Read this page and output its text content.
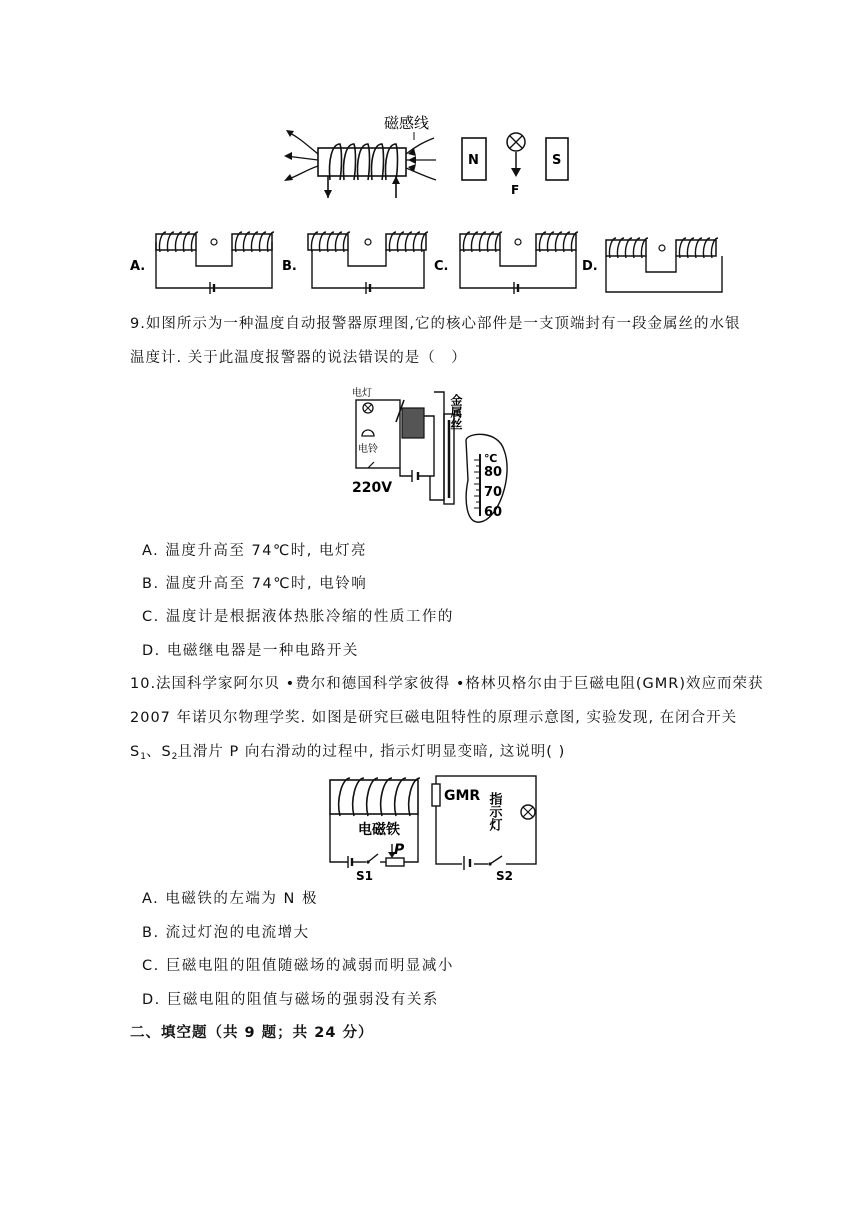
磁感线
N	S
F
A.	B.	C.	D.
9.如图所示为一种温度自动报警器原理图,它的核心部件是一支顶端封有一段金属丝的水银
温度计. 关于此温度报警器的说法错误的是（　）
电灯
电铃
220V
金属丝
℃
80
70
60
A. 温度升高至 74℃时, 电灯亮
B. 温度升高至 74℃时, 电铃响
C. 温度计是根据液体热胀冷缩的性质工作的
D. 电磁继电器是一种电路开关
10.法国科学家阿尔贝 •费尔和德国科学家彼得 •格林贝格尔由于巨磁电阻(GMR)效应而荣获
2007 年诺贝尔物理学奖. 如图是研究巨磁电阻特性的原理示意图, 实验发现, 在闭合开关
$S_1$、$S_2$且滑片 P 向右滑动的过程中, 指示灯明显变暗, 这说明( )
电磁铁
P
S1
GMR 指示灯
S2
A. 电磁铁的左端为 N 极
B. 流过灯泡的电流增大
C. 巨磁电阻的阻值随磁场的减弱而明显减小
D. 巨磁电阻的阻值与磁场的强弱没有关系
二、填空题（共 9 题；共 24 分）
